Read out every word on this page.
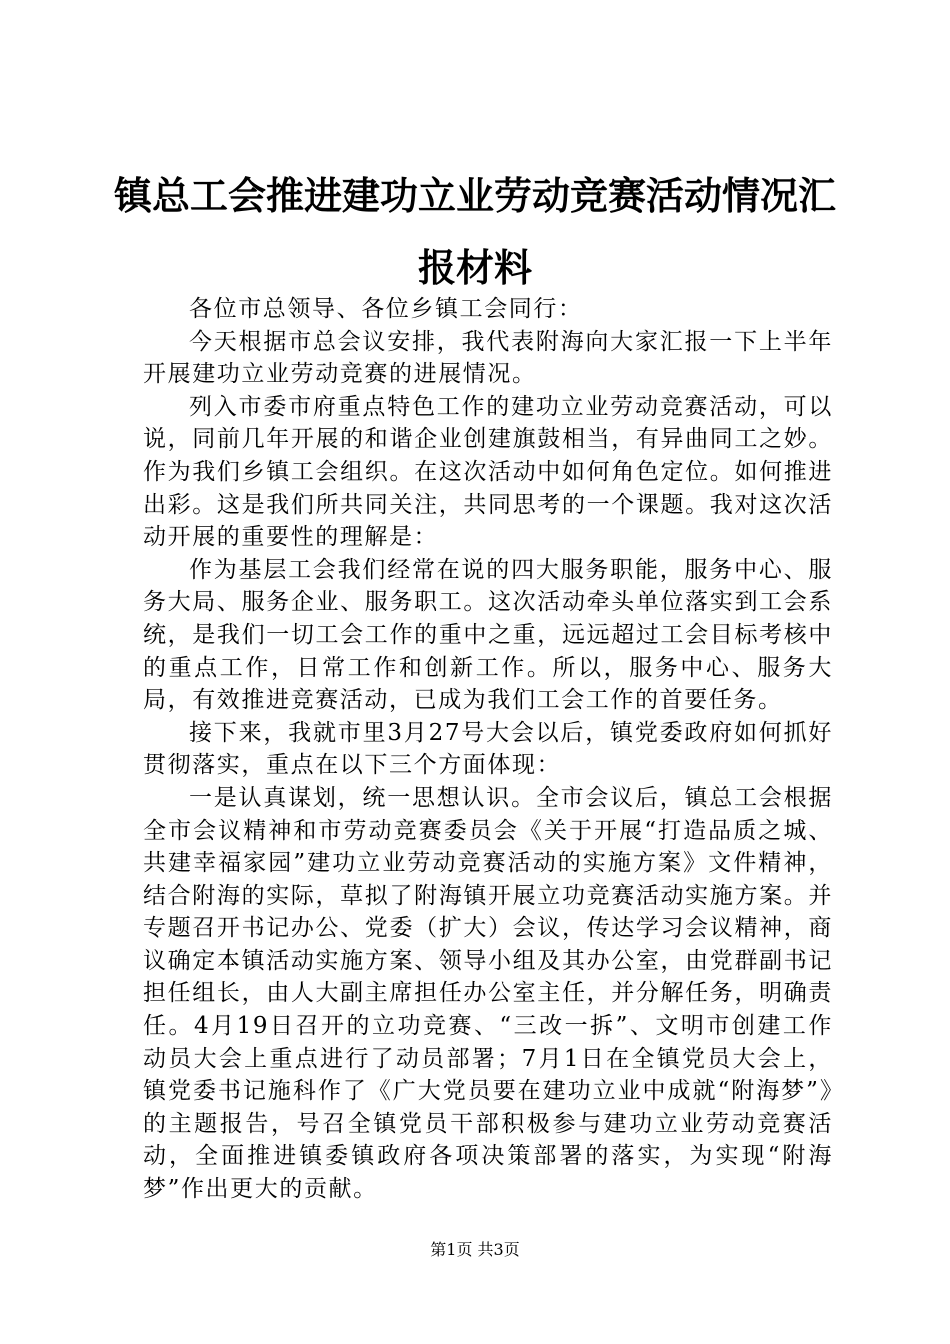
镇总工会推进建功立业劳动竞赛活动情况汇报材料

各位市总领导、各位乡镇工会同行：

今天根据市总会议安排，我代表附海向大家汇报一下上半年开展建功立业劳动竞赛的进展情况。

列入市委市府重点特色工作的建功立业劳动竞赛活动，可以说，同前几年开展的和谐企业创建旗鼓相当，有异曲同工之妙。作为我们乡镇工会组织。在这次活动中如何角色定位。如何推进出彩。这是我们所共同关注，共同思考的一个课题。我对这次活动开展的重要性的理解是：

作为基层工会我们经常在说的四大服务职能，服务中心、服务大局、服务企业、服务职工。这次活动牵头单位落实到工会系统，是我们一切工会工作的重中之重，远远超过工会目标考核中的重点工作，日常工作和创新工作。所以，服务中心、服务大局，有效推进竞赛活动，已成为我们工会工作的首要任务。

接下来，我就市里3月27号大会以后，镇党委政府如何抓好贯彻落实，重点在以下三个方面体现：

一是认真谋划，统一思想认识。全市会议后，镇总工会根据全市会议精神和市劳动竞赛委员会《关于开展“打造品质之城、共建幸福家园”建功立业劳动竞赛活动的实施方案》文件精神，结合附海的实际，草拟了附海镇开展立功竞赛活动实施方案。并专题召开书记办公、党委（扩大）会议，传达学习会议精神，商议确定本镇活动实施方案、领导小组及其办公室，由党群副书记担任组长，由人大副主席担任办公室主任，并分解任务，明确责任。4月19日召开的立功竞赛、“三改一拆”、文明市创建工作动员大会上重点进行了动员部署；7月1日在全镇党员大会上，镇党委书记施科作了《广大党员要在建功立业中成就“附海梦”》的主题报告，号召全镇党员干部积极参与建功立业劳动竞赛活动，全面推进镇委镇政府各项决策部署的落实，为实现“附海梦”作出更大的贡献。

第1页 共3页
